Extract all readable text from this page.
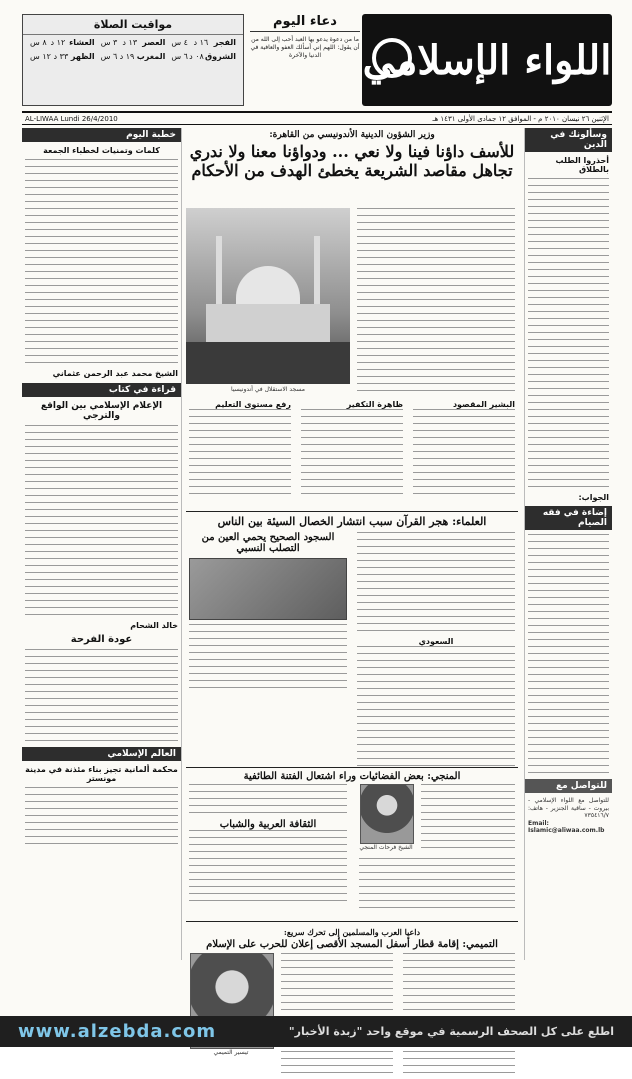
اللواء الإسلامي
دعاء اليوم
ما من دعوة يدعو بها العبد أحب إلى الله من أن يقول: اللهم إني أسألك العفو والعافية في الدنيا والآخرة
مواقيت الصلاة
الفجر
١٦ د
٤ س
العصر
١٣ د
٣ س
العشاء
١٢ د
٨ س
الشروق
٠٨ د
٦ س
المغرب
١٩ د
٦ س
الظهر
٣٣ د
١٢ س
الإثنين ٢٦ نيسان ٢٠١٠ م - الموافق ١٢ جمادى الأولى ١٤٣١ هـ
AL-LIWAA Lundi 26/4/2010
وسألونك في الدين
أحذروا الطلب بالطلاق
الجواب:
إضاءة في فقه الصيام
للتواصل مع
للتواصل مع اللواء الإسلامي - بيروت - ساقية الجنزير - هاتف: ٧٣٥٤١٦/٧
Email: Islamic@aliwaa.com.lb
خطبة اليوم
كلمات وتمنيات لخطباء الجمعة
الشيخ محمد عبد الرحمن عثماني
قراءة في كتاب
الإعلام الإسلامي بين الواقع والترجي
خالد الشحام
عودة الفرحة
العالم الإسلامي
محكمة ألمانية تجيز بناء مئذنة في مدينة مونستر
وزير الشؤون الدينية الأندونيسي من القاهرة:
للأسف داؤنا فينا ولا نعي ... ودواؤنا معنا ولا ندري تجاهل مقاصد الشريعة يخطئ الهدف من الأحكام
مسجد الاستقلال في أندونيسيا
البشير المقصود
ظاهرة التكفير
رفع مستوى التعليم
العلماء: هجر القرآن سبب انتشار الخصال السيئة بين الناس
السعودي
السجود الصحيح يحمي العين من التصلب النسبي
المنجي: بعض الفضائيات وراء اشتعال الفتنة الطائفية
الشيخ فرحات المنجي
الثقافة العربية والشباب
داعيا العرب والمسلمين إلى تحرك سريع:
التميمي: إقامة قطار أسفل المسجد الأقصى إعلان للحرب على الإسلام
تيسير التميمي
اطلع على كل الصحف الرسمية في موقع واحد "زبدة الأخبار"
www.alzebda.com
